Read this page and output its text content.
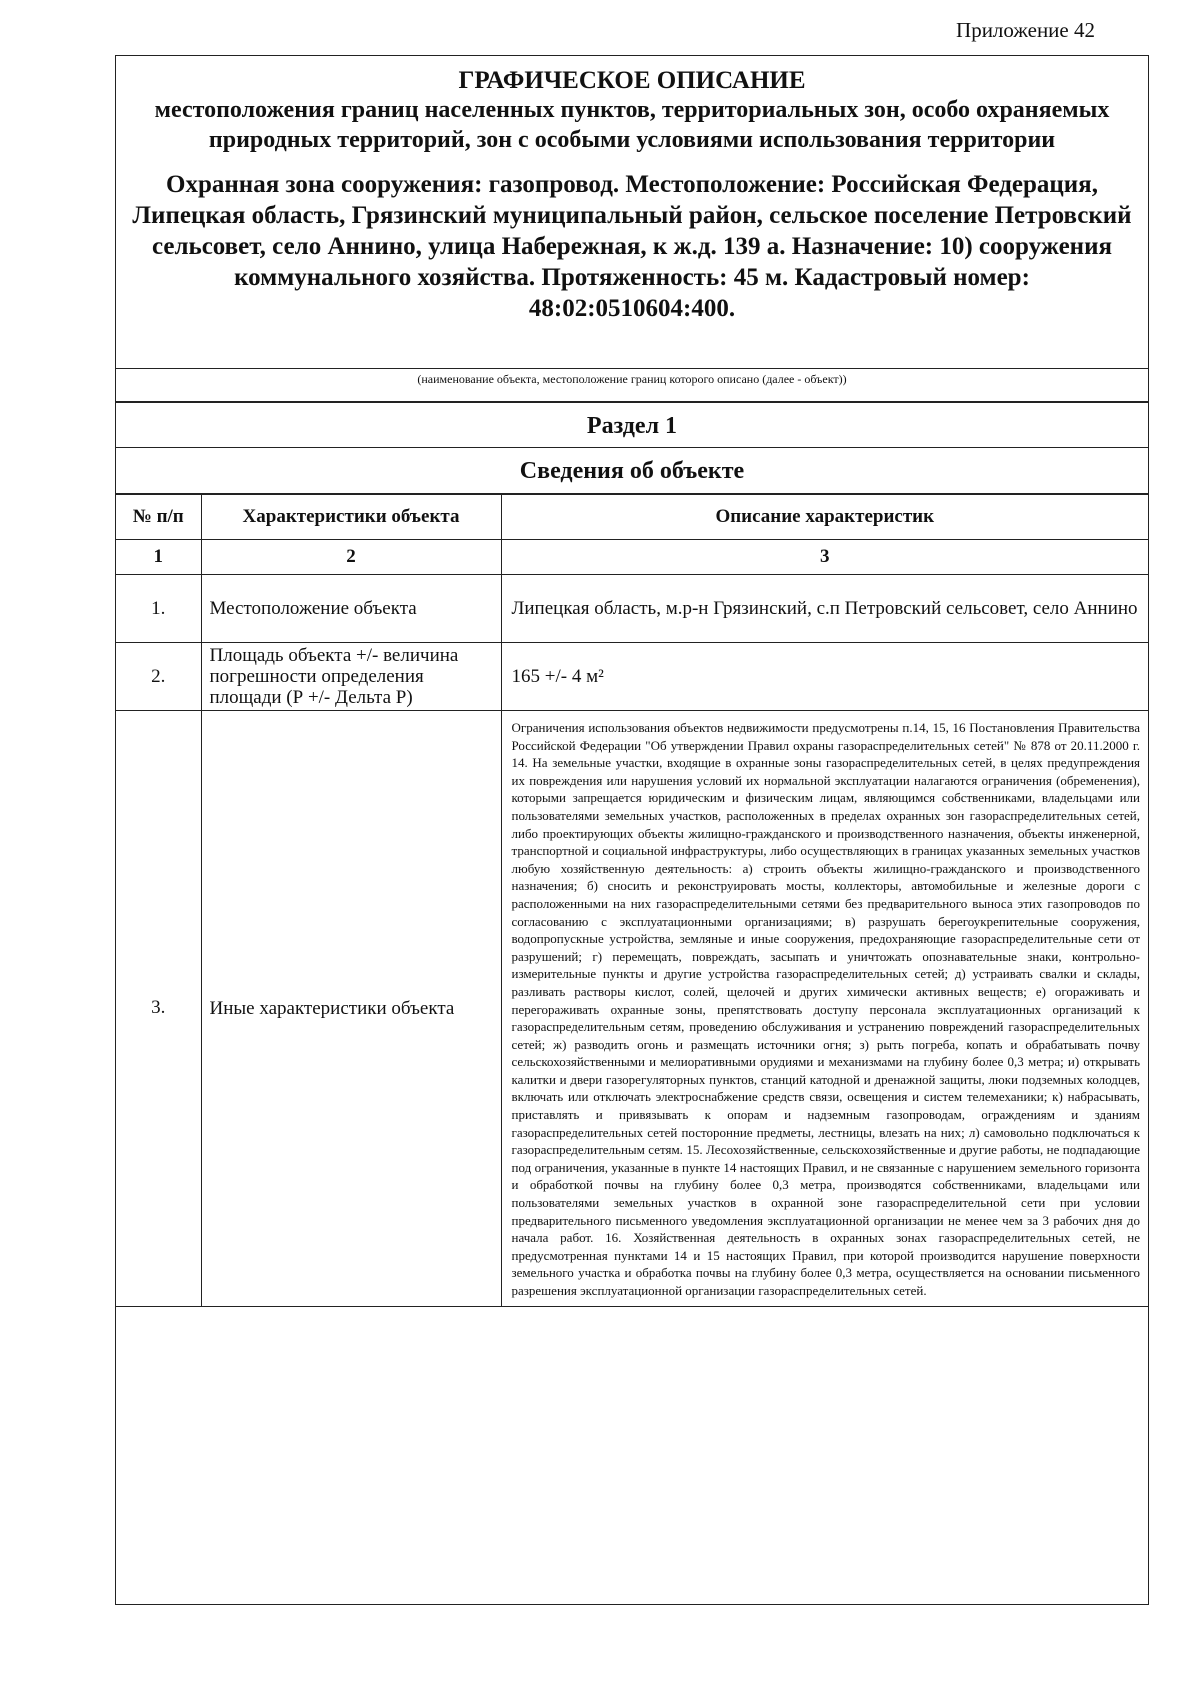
Приложение 42
ГРАФИЧЕСКОЕ ОПИСАНИЕ
местоположения границ населенных пунктов, территориальных зон, особо охраняемых природных территорий, зон с особыми условиями использования территории
Охранная зона сооружения: газопровод. Местоположение: Российская Федерация, Липецкая область, Грязинский муниципальный район, сельское поселение Петровский сельсовет, село Аннино, улица Набережная, к ж.д. 139 а. Назначение: 10) сооружения коммунального хозяйства. Протяженность: 45 м. Кадастровый номер: 48:02:0510604:400.
(наименование объекта, местоположение границ которого описано (далее - объект))
Раздел 1
Сведения об объекте
№ п/п	Характеристики объекта	Описание характеристик
1	2	3
1.	Местоположение объекта	Липецкая область, м.р-н Грязинский, с.п Петровский сельсовет, село Аннино
2.	Площадь объекта +/- величина погрешности определения площади (Р +/- Дельта Р)	165 +/- 4 м²
3.	Иные характеристики объекта	Ограничения использования объектов недвижимости предусмотрены п.14, 15, 16 Постановления Правительства Российской Федерации "Об утверждении Правил охраны газораспределительных сетей" № 878 от 20.11.2000 г. 14. На земельные участки, входящие в охранные зоны газораспределительных сетей, в целях предупреждения их повреждения или нарушения условий их нормальной эксплуатации налагаются ограничения (обременения), которыми запрещается юридическим и физическим лицам, являющимся собственниками, владельцами или пользователями земельных участков, расположенных в пределах охранных зон газораспределительных сетей, либо проектирующих объекты жилищно-гражданского и производственного назначения, объекты инженерной, транспортной и социальной инфраструктуры, либо осуществляющих в границах указанных земельных участков любую хозяйственную деятельность: а) строить объекты жилищно-гражданского и производственного назначения; б) сносить и реконструировать мосты, коллекторы, автомобильные и железные дороги с расположенными на них газораспределительными сетями без предварительного выноса этих газопроводов по согласованию с эксплуатационными организациями; в) разрушать берегоукрепительные сооружения, водопропускные устройства, земляные и иные сооружения, предохраняющие газораспределительные сети от разрушений; г) перемещать, повреждать, засыпать и уничтожать опознавательные знаки, контрольно-измерительные пункты и другие устройства газораспределительных сетей; д) устраивать свалки и склады, разливать растворы кислот, солей, щелочей и других химически активных веществ; е) огораживать и перегораживать охранные зоны, препятствовать доступу персонала эксплуатационных организаций к газораспределительным сетям, проведению обслуживания и устранению повреждений газораспределительных сетей; ж) разводить огонь и размещать источники огня; з) рыть погреба, копать и обрабатывать почву сельскохозяйственными и мелиоративными орудиями и механизмами на глубину более 0,3 метра; и) открывать калитки и двери газорегуляторных пунктов, станций катодной и дренажной защиты, люки подземных колодцев, включать или отключать электроснабжение средств связи, освещения и систем телемеханики; к) набрасывать, приставлять и привязывать к опорам и надземным газопроводам, ограждениям и зданиям газораспределительных сетей посторонние предметы, лестницы, влезать на них; л) самовольно подключаться к газораспределительным сетям. 15. Лесохозяйственные, сельскохозяйственные и другие работы, не подпадающие под ограничения, указанные в пункте 14 настоящих Правил, и не связанные с нарушением земельного горизонта и обработкой почвы на глубину более 0,3 метра, производятся собственниками, владельцами или пользователями земельных участков в охранной зоне газораспределительной сети при условии предварительного письменного уведомления эксплуатационной организации не менее чем за 3 рабочих дня до начала работ. 16. Хозяйственная деятельность в охранных зонах газораспределительных сетей, не предусмотренная пунктами 14 и 15 настоящих Правил, при которой производится нарушение поверхности земельного участка и обработка почвы на глубину более 0,3 метра, осуществляется на основании письменного разрешения эксплуатационной организации газораспределительных сетей.
